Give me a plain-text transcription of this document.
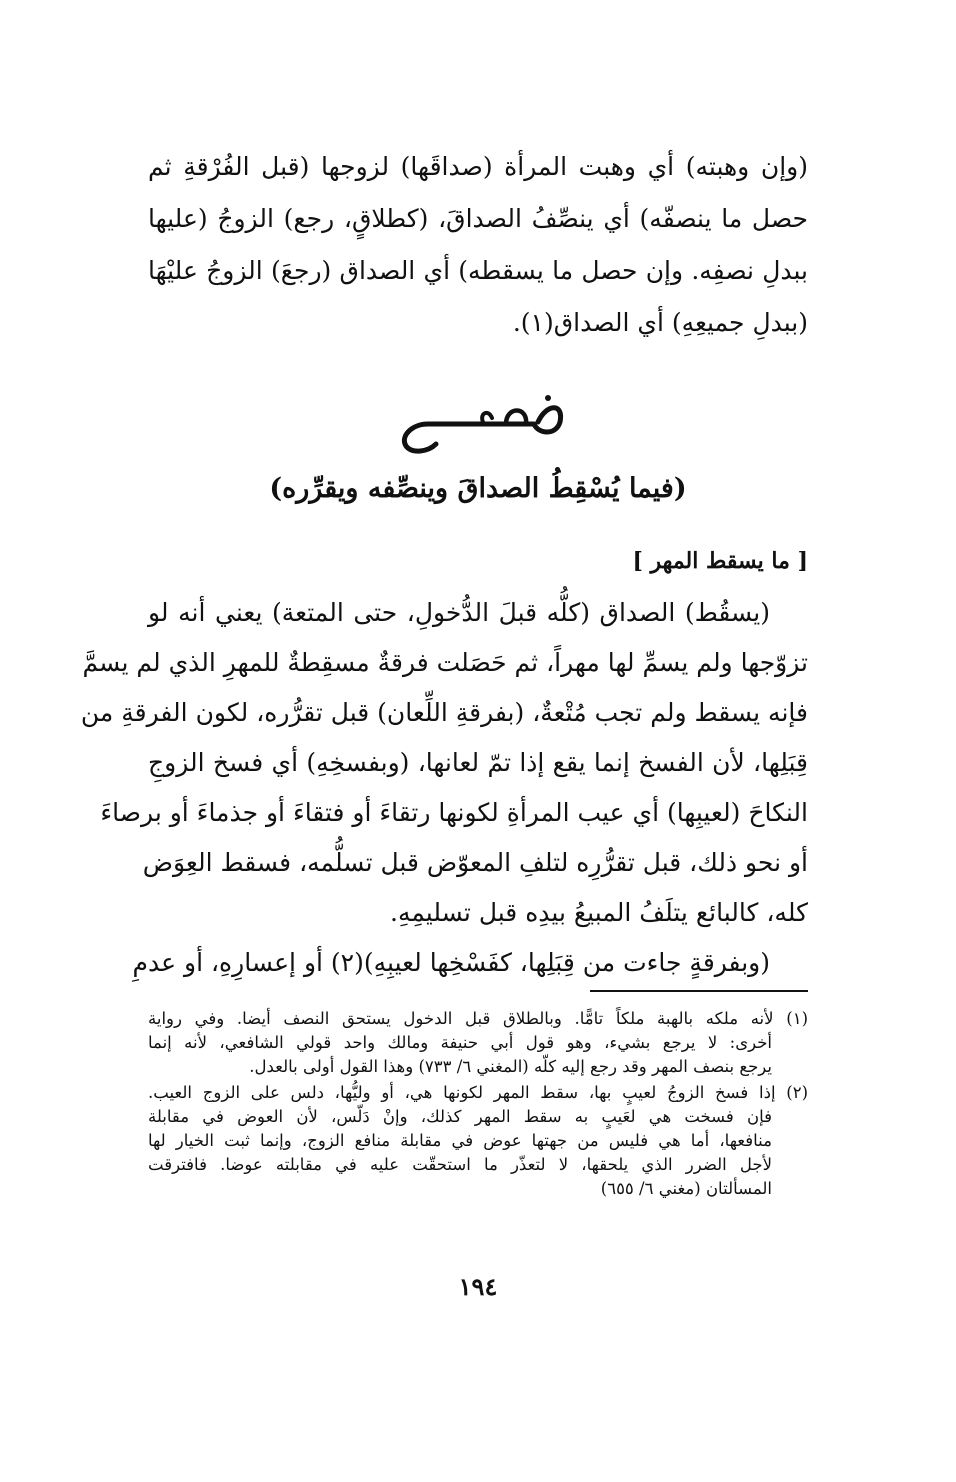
(وإن وهبته) أي وهبت المرأة (صداقَها) لزوجها (قبل الفُرْقةِ ثم
حصل ما ينصفّه) أي ينصِّفُ الصداقَ، (كطلاقٍ، رجع) الزوجُ (عليها
ببدلِ نصفِه. وإن حصل ما يسقطه) أي الصداق (رجعَ) الزوجُ عليْهَا
(ببدلِ جميعِهِ) أي الصداق(١).
(فيما يُسْقِطُ الصداقَ وينصِّفه ويقرِّره)
[ ما يسقط المهر ]
(يسقُط) الصداق (كلُّه قبلَ الدُّخولِ، حتى المتعة) يعني أنه لو
تزوّجها ولم يسمِّ لها مهراً، ثم حَصَلت فرقةٌ مسقِطةٌ للمهرِ الذي لم يسمَّ
فإنه يسقط ولم تجب مُتْعةٌ، (بفرقةِ اللِّعان) قبل تقرُّره، لكون الفرقةِ من
قِبَلِها، لأن الفسخ إنما يقع إذا تمّ لعانها، (وبفسخِهِ) أي فسخ الزوجِ
النكاحَ (لعيبِها) أي عيب المرأةِ لكونها رتقاءَ أو فتقاءَ أو جذماءَ أو برصاءَ
أو نحو ذلك، قبل تقرُّرِه لتلفِ المعوّض قبل تسلُّمه، فسقط العِوَض
كله، كالبائع يتلَفُ المبيعُ بيدِه قبل تسليمِهِ.
(وبفرقةٍ جاءت من قِبَلِها، كفَسْخِها لعيبِهِ)(٢) أو إعسارِهِ، أو عدمِ
(١) لأنه ملكه بالهبة ملكاً تامًّا. وبالطلاق قبل الدخول يستحق النصف أيضا. وفي رواية
أخرى: لا يرجع بشيء، وهو قول أبي حنيفة ومالك واحد قولي الشافعي، لأنه إنما
يرجع بنصف المهر وقد رجع إليه كلّه (المغني ٦/ ٧٣٣) وهذا القول أولى بالعدل.
(٢) إذا فسخ الزوجُ لعيبٍ بها، سقط المهر لكونها هي، أو وليُّها، دلس على الزوج العيب.
فإن فسخت هي لعَيبٍ به سقط المهر كذلك، وإنْ دَلّس، لأن العوض في مقابلة
منافعها، أما هي فليس من جهتها عوض في مقابلة منافع الزوج، وإنما ثبت الخيار لها
لأجل الضرر الذي يلحقها، لا لتعذّر ما استحقّت عليه في مقابلته عوضا. فافترقت
المسألتان (مغني ٦/ ٦٥٥)
١٩٤
